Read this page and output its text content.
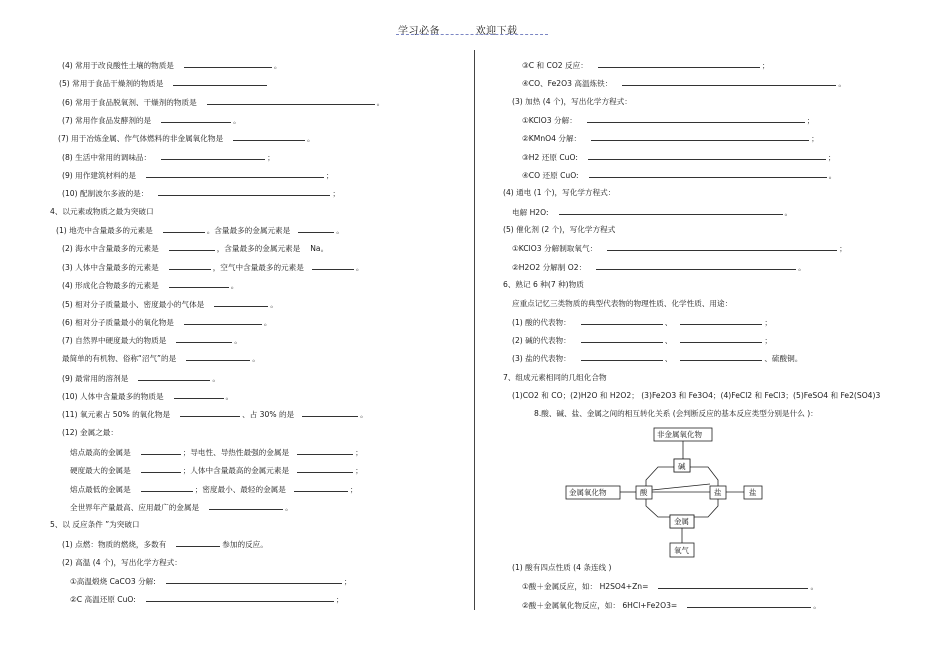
学习必备	欢迎下载
(4) 常用于改良酸性土壤的物质是	。
(5) 常用于食品干燥剂的物质是
(6) 常用于食品脱氧剂、干燥剂的物质是	。
(7) 常用作食品发酵剂的是	。
(7) 用于冶炼金属、作气体燃料的非金属氧化物是	。
(8) 生活中常用的调味品：	；
(9) 用作建筑材料的是	；
(10) 配制波尔多液的是：	；
4、以元素或物质之最为突破口
(1) 地壳中含量最多的元素是	。含量最多的金属元素是	。
(2) 海水中含量最多的元素是	，含量最多的金属元素是 Na。
(3) 人体中含量最多的元素是	，空气中含量最多的元素是	。
(4) 形成化合物最多的元素是	。
(5) 相对分子质量最小、密度最小的气体是	。
(6) 相对分子质量最小的氧化物是	。
(7) 自然界中硬度最大的物质是	。
最简单的有机物、俗称“沼气”的是	。
(9) 最常用的溶剂是	。
(10) 人体中含量最多的物质是	。
(11) 氧元素占 50% 的氧化物是	、占 30% 的是	。
(12) 金属之最：
熔点最高的金属是	；导电性、导热性最强的金属是	；
硬度最大的金属是	；人体中含量最高的金属元素是	；
熔点最低的金属是	；密度最小、最轻的金属是	；
全世界年产量最高、应用最广的金属是	。
5、以 反应条件 ”为突破口
(1) 点燃：物质的燃烧，多数有	参加的反应。
(2) 高温 (4 个)，写出化学方程式：
①高温煅烧 CaCO3 分解:	；
②C 高温还原 CuO:	；
③C 和 CO2 反应：	；
④CO、Fe2O3 高温炼铁：	。
(3) 加热 (4 个)，写出化学方程式：
①KClO3 分解：	；
②KMnO4 分解：	；
③H2 还原 CuO:	；
④CO 还原 CuO:	。
(4) 通电 (1 个)，写化学方程式：
电解 H2O:	。
(5) 催化剂 (2 个)，写化学方程式
①KClO3 分解制取氧气：	；
②H2O2 分解制 O2：	。
6、熟记 6 种(7 种)物质
应重点记忆三类物质的典型代表物的物理性质、化学性质、用途：
(1) 酸的代表物：	、	；
(2) 碱的代表物：	、	；
(3) 盐的代表物：	、	、硫酸铜。
7、组成元素相同的几组化合物
(1)CO2 和 CO；(2)H2O 和 H2O2； (3)Fe2O3 和 Fe3O4；(4)FeCl2 和 FeCl3；(5)FeSO4 和 Fe2(SO4)3
8.酸、碱、盐、金属之间的相互转化关系 (会判断反应的基本反应类型分别是什么 )：
(1) 酸有四点性质 (4 条连线 )
①酸＋金属反应，如： H2SO4+Zn=	。
②酸＋金属氧化物反应，如： 6HCl+Fe2O3=	。
非金属氧化物
碱
金属氧化物	酸	盐	盐
金属
氧气
